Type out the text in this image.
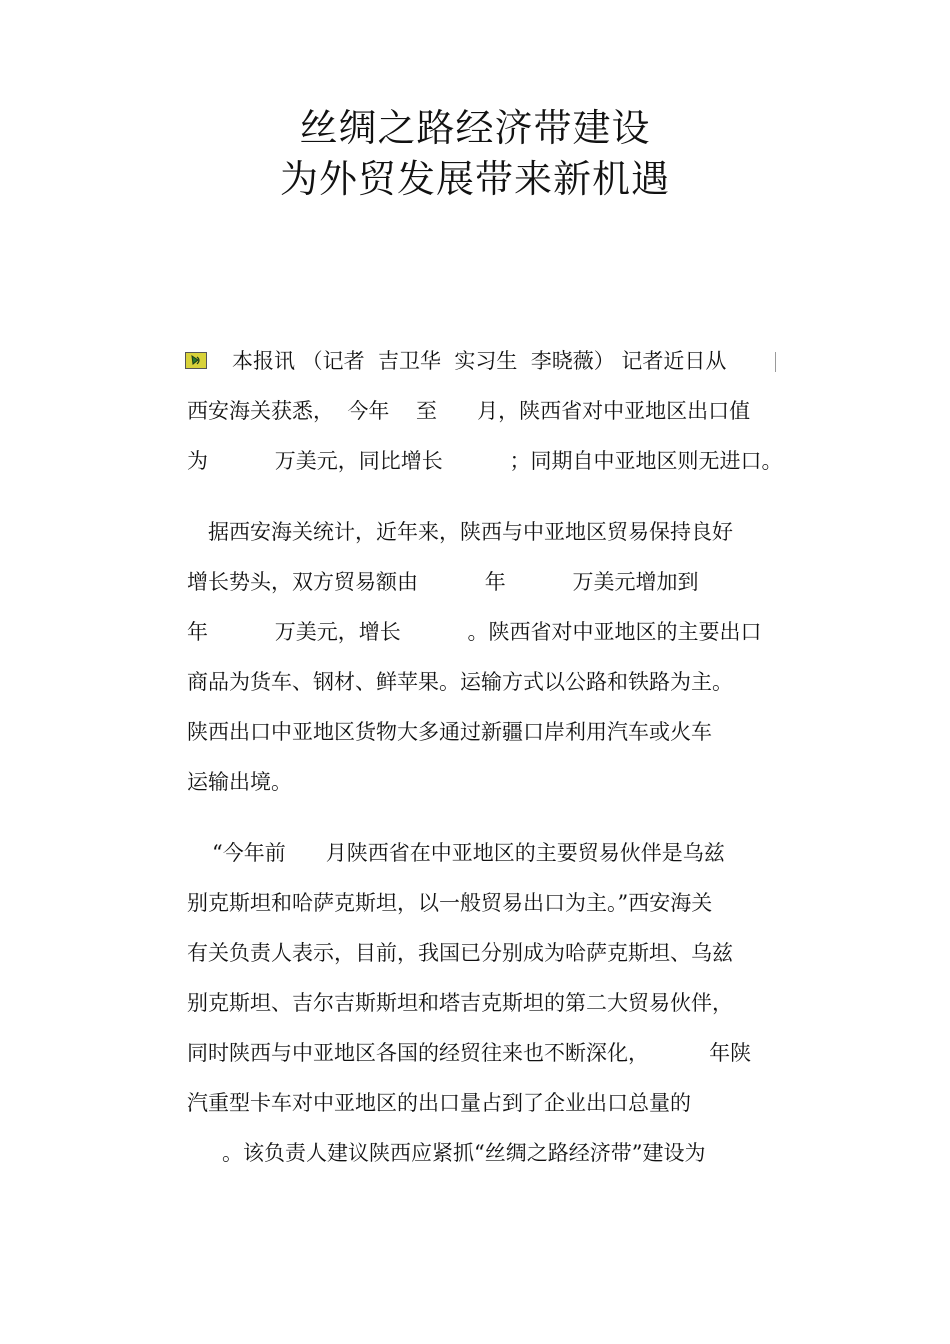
丝绸之路经济带建设
为外贸发展带来新机遇
本报讯 （记者  吉卫华  实习生  李晓薇） 记者近日从
西安海关获悉，  今年    至      月，陕西省对中亚地区出口值
为          万美元，同比增长          ；同期自中亚地区则无进口。
据西安海关统计，近年来，陕西与中亚地区贸易保持良好
增长势头，双方贸易额由          年          万美元增加到
年          万美元，增长          。陕西省对中亚地区的主要出口
商品为货车、钢材、鲜苹果。运输方式以公路和铁路为主。
陕西出口中亚地区货物大多通过新疆口岸利用汽车或火车
运输出境。
“今年前      月陕西省在中亚地区的主要贸易伙伴是乌兹
别克斯坦和哈萨克斯坦，以一般贸易出口为主。”西安海关
有关负责人表示，目前，我国已分别成为哈萨克斯坦、乌兹
别克斯坦、吉尔吉斯斯坦和塔吉克斯坦的第二大贸易伙伴，
同时陕西与中亚地区各国的经贸往来也不断深化，         年陕
汽重型卡车对中亚地区的出口量占到了企业出口总量的
。该负责人建议陕西应紧抓“丝绸之路经济带”建设为
